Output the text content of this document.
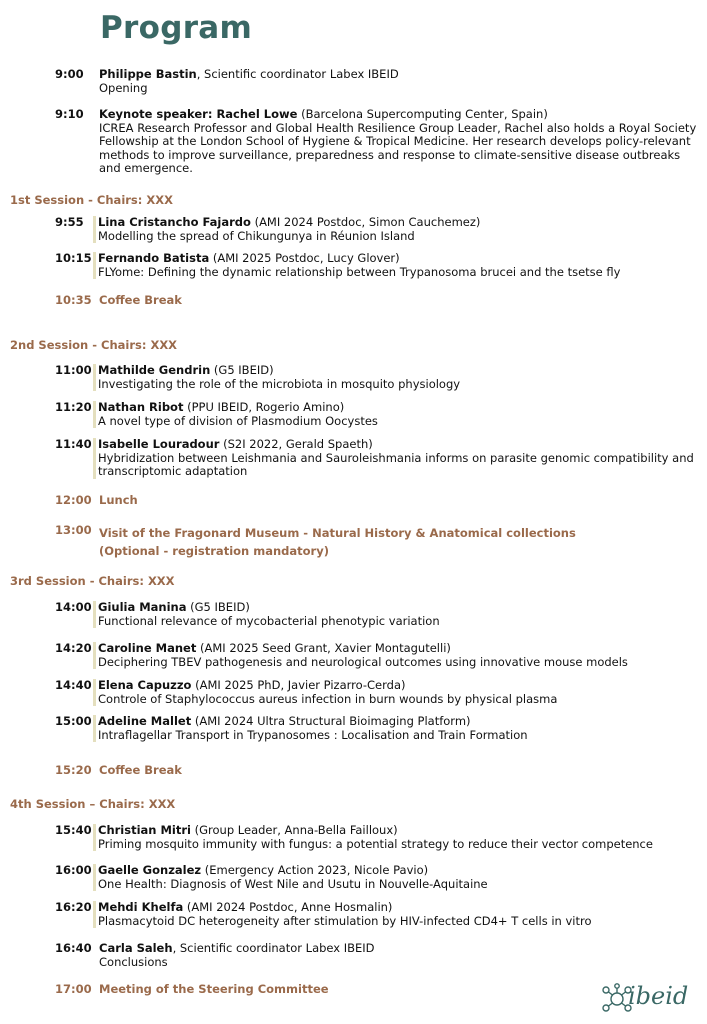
Program
9:00	Philippe Bastin, Scientific coordinator Labex IBEID
Opening
9:10	Keynote speaker: Rachel Lowe (Barcelona Supercomputing Center, Spain)
ICREA Research Professor and Global Health Resilience Group Leader, Rachel also holds a Royal Society Fellowship at the London School of Hygiene & Tropical Medicine. Her research develops policy-relevant methods to improve surveillance, preparedness and response to climate-sensitive disease outbreaks and emergence.
1st Session - Chairs: XXX
9:55	Lina Cristancho Fajardo (AMI 2024 Postdoc, Simon Cauchemez)
Modelling the spread of Chikungunya in Réunion Island
10:15 Fernando Batista (AMI 2025 Postdoc, Lucy Glover)
FLYome: Defining the dynamic relationship between Trypanosoma brucei and the tsetse fly
10:35 Coffee Break
2nd Session - Chairs: XXX
11:00 Mathilde Gendrin (G5 IBEID)
Investigating the role of the microbiota in mosquito physiology
11:20 Nathan Ribot (PPU IBEID, Rogerio Amino)
A novel type of division of Plasmodium Oocystes
11:40 Isabelle Louradour (S2I 2022, Gerald Spaeth)
Hybridization between Leishmania and Sauroleishmania informs on parasite genomic compatibility and transcriptomic adaptation
12:00 Lunch
13:00 Visit of the Fragonard Museum - Natural History & Anatomical collections
(Optional - registration mandatory)
3rd Session - Chairs: XXX
14:00 Giulia Manina (G5 IBEID)
Functional relevance of mycobacterial phenotypic variation
14:20 Caroline Manet (AMI 2025 Seed Grant, Xavier Montagutelli)
Deciphering TBEV pathogenesis and neurological outcomes using innovative mouse models
14:40 Elena Capuzzo (AMI 2025 PhD, Javier Pizarro-Cerda)
Controle of Staphylococcus aureus infection in burn wounds by physical plasma
15:00 Adeline Mallet (AMI 2024 Ultra Structural Bioimaging Platform)
Intraflagellar Transport in Trypanosomes : Localisation and Train Formation
15:20 Coffee Break
4th Session – Chairs: XXX
15:40 Christian Mitri (Group Leader, Anna-Bella Failloux)
Priming mosquito immunity with fungus: a potential strategy to reduce their vector competence
16:00 Gaelle Gonzalez (Emergency Action 2023, Nicole Pavio)
One Health: Diagnosis of West Nile and Usutu in Nouvelle-Aquitaine
16:20 Mehdi Khelfa (AMI 2024 Postdoc, Anne Hosmalin)
Plasmacytoid DC heterogeneity after stimulation by HIV-infected CD4+ T cells in vitro
16:40 Carla Saleh, Scientific coordinator Labex IBEID
Conclusions
17:00 Meeting of the Steering Committee	ibeid
